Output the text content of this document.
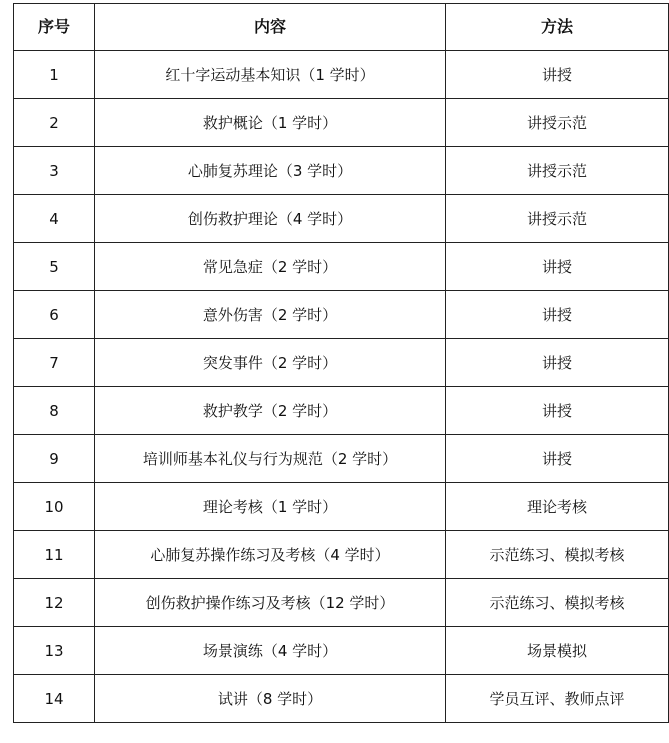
序号	内容	方法
1	红十字运动基本知识（1 学时）	讲授
2	救护概论（1 学时）	讲授示范
3	心肺复苏理论（3 学时）	讲授示范
4	创伤救护理论（4 学时）	讲授示范
5	常见急症（2 学时）	讲授
6	意外伤害（2 学时）	讲授
7	突发事件（2 学时）	讲授
8	救护教学（2 学时）	讲授
9	培训师基本礼仪与行为规范（2 学时）	讲授
10	理论考核（1 学时）	理论考核
11	心肺复苏操作练习及考核（4 学时）	示范练习、模拟考核
12	创伤救护操作练习及考核（12 学时）	示范练习、模拟考核
13	场景演练（4 学时）	场景模拟
14	试讲（8 学时）	学员互评、教师点评
